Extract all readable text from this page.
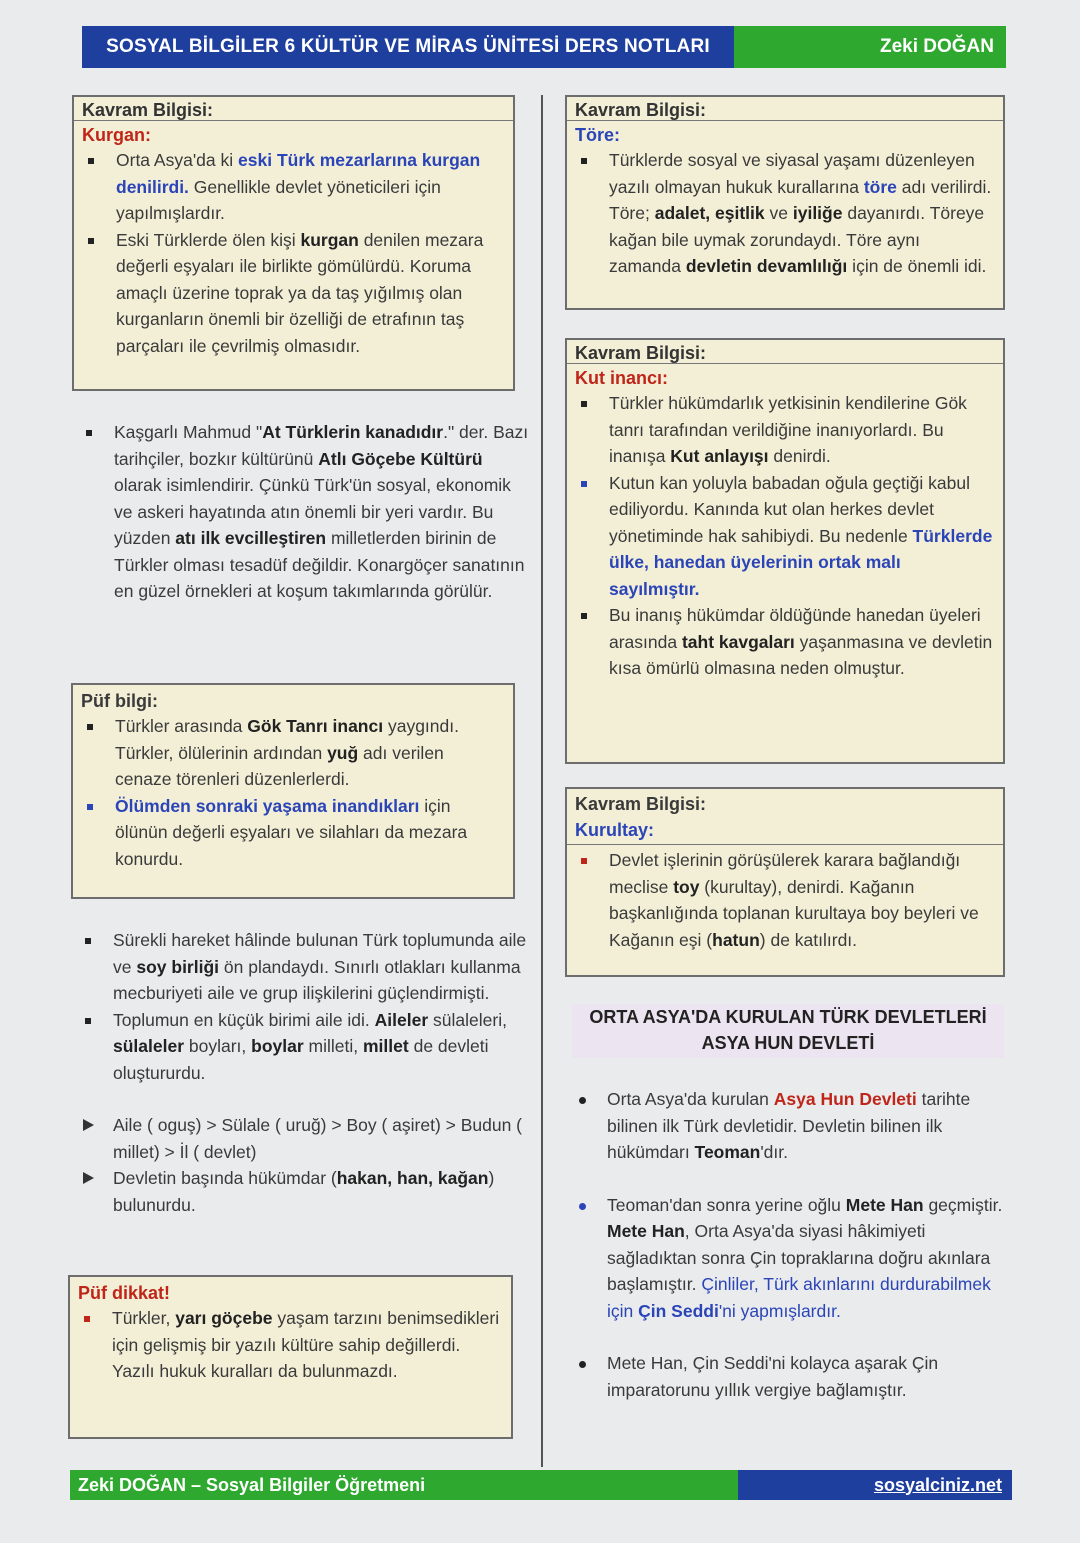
SOSYAL BİLGİLER 6 KÜLTÜR VE MİRAS ÜNİTESİ DERS NOTLARI	Zeki DOĞAN
Kavram Bilgisi:
Kurgan:
Orta Asya'da ki eski Türk mezarlarına kurgan denilirdi. Genellikle devlet yöneticileri için yapılmışlardır.
Eski Türklerde ölen kişi kurgan denilen mezara değerli eşyaları ile birlikte gömülürdü. Koruma amaçlı üzerine toprak ya da taş yığılmış olan kurganların önemli bir özelliği de etrafının taş parçaları ile çevrilmiş olmasıdır.
Kaşgarlı Mahmud "At Türklerin kanadıdır." der. Bazı tarihçiler, bozkır kültürünü Atlı Göçebe Kültürü olarak isimlendirir. Çünkü Türk'ün sosyal, ekonomik ve askeri hayatında atın önemli bir yeri vardır. Bu yüzden atı ilk evcilleştiren milletlerden birinin de Türkler olması tesadüf değildir. Konargöçer sanatının en güzel örnekleri at koşum takımlarında görülür.
Püf bilgi:
Türkler arasında Gök Tanrı inancı yaygındı. Türkler, ölülerinin ardından yuğ adı verilen cenaze törenleri düzenlerlerdi.
Ölümden sonraki yaşama inandıkları için ölünün değerli eşyaları ve silahları da mezara konurdu.
Sürekli hareket hâlinde bulunan Türk toplumunda aile ve soy birliği ön plandaydı. Sınırlı otlakları kullanma mecburiyeti aile ve grup ilişkilerini güçlendirmişti.
Toplumun en küçük birimi aile idi. Aileler sülaleleri, sülaleler boyları, boylar milleti, millet de devleti oluştururdu.
Aile ( oguş) > Sülale ( uruğ) > Boy ( aşiret) > Budun ( millet) > İl ( devlet)
Devletin başında hükümdar (hakan, han, kağan) bulunurdu.
Püf dikkat!
Türkler, yarı göçebe yaşam tarzını benimsedikleri için gelişmiş bir yazılı kültüre sahip değillerdi. Yazılı hukuk kuralları da bulunmazdı.
Kavram Bilgisi:
Töre:
Türklerde sosyal ve siyasal yaşamı düzenleyen yazılı olmayan hukuk kurallarına töre adı verilirdi. Töre; adalet, eşitlik ve iyiliğe dayanırdı. Töreye kağan bile uymak zorundaydı. Töre aynı zamanda devletin devamlılığı için de önemli idi.
Kavram Bilgisi:
Kut inancı:
Türkler hükümdarlık yetkisinin kendilerine Gök tanrı tarafından verildiğine inanıyorlardı. Bu inanışa Kut anlayışı denirdi.
Kutun kan yoluyla babadan oğula geçtiği kabul ediliyordu. Kanında kut olan herkes devlet yönetiminde hak sahibiydi. Bu nedenle Türklerde ülke, hanedan üyelerinin ortak malı sayılmıştır.
Bu inanış hükümdar öldüğünde hanedan üyeleri arasında taht kavgaları yaşanmasına ve devletin kısa ömürlü olmasına neden olmuştur.
Kavram Bilgisi:
Kurultay:
Devlet işlerinin görüşülerek karara bağlandığı meclise toy (kurultay), denirdi. Kağanın başkanlığında toplanan kurultaya boy beyleri ve Kağanın eşi (hatun) de katılırdı.
ORTA ASYA'DA KURULAN TÜRK DEVLETLERİ
ASYA HUN DEVLETİ
Orta Asya'da kurulan Asya Hun Devleti tarihte bilinen ilk Türk devletidir. Devletin bilinen ilk hükümdarı Teoman'dır.
Teoman'dan sonra yerine oğlu Mete Han geçmiştir. Mete Han, Orta Asya'da siyasi hâkimiyeti sağladıktan sonra Çin topraklarına doğru akınlara başlamıştır. Çinliler, Türk akınlarını durdurabilmek için Çin Seddi'ni yapmışlardır.
Mete Han, Çin Seddi'ni kolayca aşarak Çin imparatorunu yıllık vergiye bağlamıştır.
Zeki DOĞAN – Sosyal Bilgiler Öğretmeni	sosyalciniz.net
